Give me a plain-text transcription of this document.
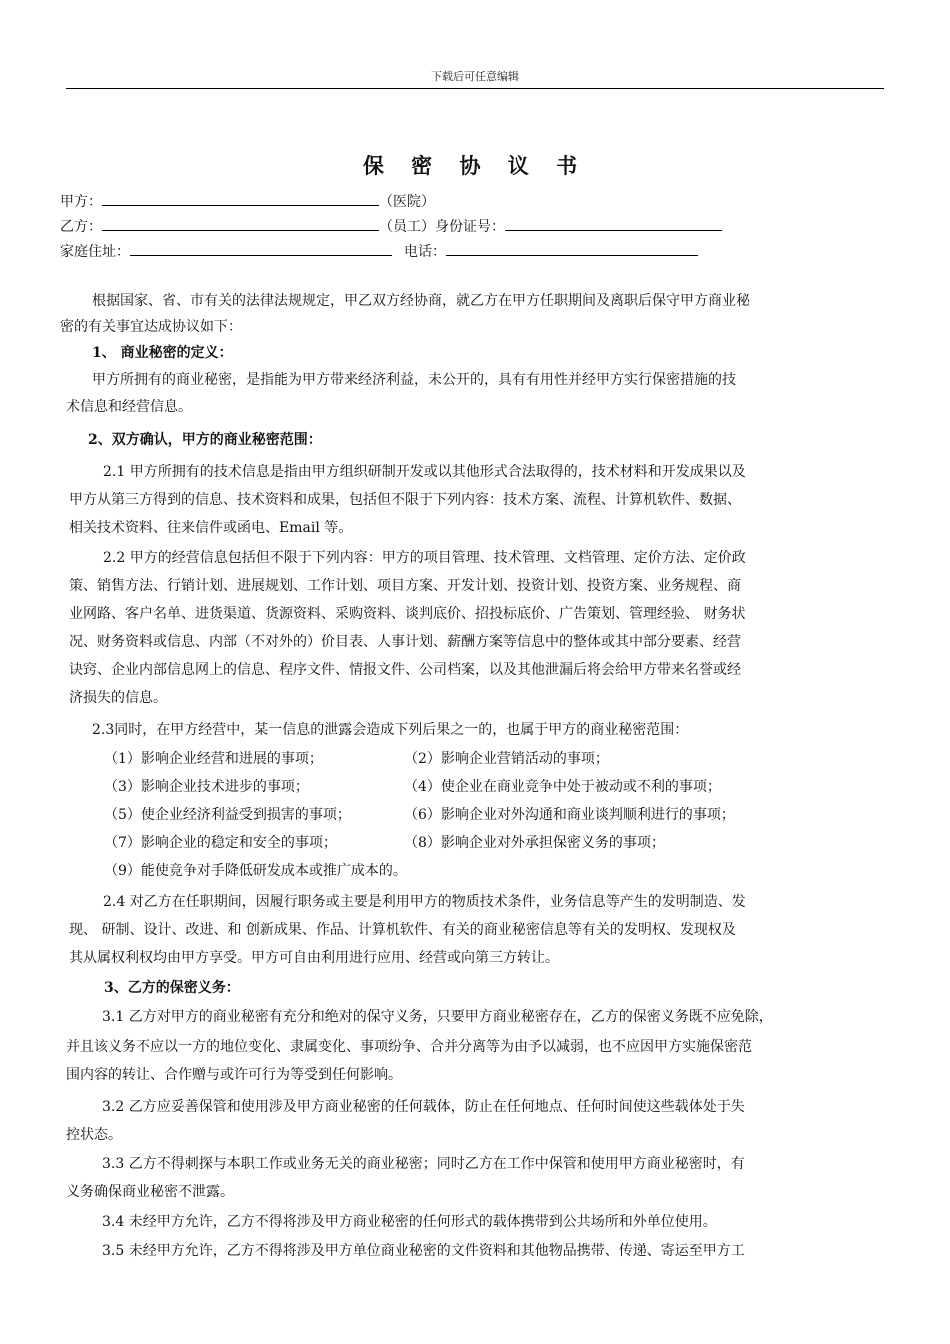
下载后可任意编辑
保 密 协 议 书
甲方：	（医院）
乙方：	（员工）身份证号：
家庭住址：	电话：
根据国家、省、市有关的法律法规规定，甲乙双方经协商，就乙方在甲方任职期间及离职后保守甲方商业秘
密的有关事宜达成协议如下：
1、 商业秘密的定义：
甲方所拥有的商业秘密，是指能为甲方带来经济利益，未公开的，具有有用性并经甲方实行保密措施的技
术信息和经营信息。
2、双方确认，甲方的商业秘密范围：
2.1 甲方所拥有的技术信息是指由甲方组织研制开发或以其他形式合法取得的，技术材料和开发成果以及
甲方从第三方得到的信息、技术资料和成果，包括但不限于下列内容：技术方案、流程、计算机软件、数据、
相关技术资料、往来信件或函电、Email 等。
2.2 甲方的经营信息包括但不限于下列内容：甲方的项目管理、技术管理、文档管理、定价方法、定价政
策、销售方法、行销计划、进展规划、工作计划、项目方案、开发计划、投资计划、投资方案、业务规程、商
业网路、客户名单、进货渠道、货源资料、采购资料、谈判底价、招投标底价、广告策划、管理经验、 财务状
况、财务资料或信息、内部（不对外的）价目表、人事计划、薪酬方案等信息中的整体或其中部分要素、经营
诀窍、企业内部信息网上的信息、程序文件、情报文件、公司档案，以及其他泄漏后将会给甲方带来名誉或经
济损失的信息。
2.3同时，在甲方经营中，某一信息的泄露会造成下列后果之一的，也属于甲方的商业秘密范围：
（1）影响企业经营和进展的事项；	（2）影响企业营销活动的事项；
（3）影响企业技术进步的事项；	（4）使企业在商业竞争中处于被动或不利的事项；
（5）使企业经济利益受到损害的事项；	（6）影响企业对外沟通和商业谈判顺利进行的事项；
（7）影响企业的稳定和安全的事项；	（8）影响企业对外承担保密义务的事项；
（9）能使竞争对手降低研发成本或推广成本的。
2.4 对乙方在任职期间，因履行职务或主要是利用甲方的物质技术条件，业务信息等产生的发明制造、发
现、 研制、设计、改进、和 创新成果、作品、计算机软件、有关的商业秘密信息等有关的发明权、发现权及
其从属权利权均由甲方享受。甲方可自由利用进行应用、经营或向第三方转让。
3、乙方的保密义务：
3.1 乙方对甲方的商业秘密有充分和绝对的保守义务，只要甲方商业秘密存在，乙方的保密义务既不应免除，
并且该义务不应以一方的地位变化、隶属变化、事项纷争、合并分离等为由予以减弱，也不应因甲方实施保密范
围内容的转让、合作赠与或许可行为等受到任何影响。
3.2 乙方应妥善保管和使用涉及甲方商业秘密的任何载体，防止在任何地点、任何时间使这些载体处于失
控状态。
3.3 乙方不得刺探与本职工作或业务无关的商业秘密；同时乙方在工作中保管和使用甲方商业秘密时，有
义务确保商业秘密不泄露。
3.4 未经甲方允许，乙方不得将涉及甲方商业秘密的任何形式的载体携带到公共场所和外单位使用。
3.5 未经甲方允许，乙方不得将涉及甲方单位商业秘密的文件资料和其他物品携带、传递、寄运至甲方工
